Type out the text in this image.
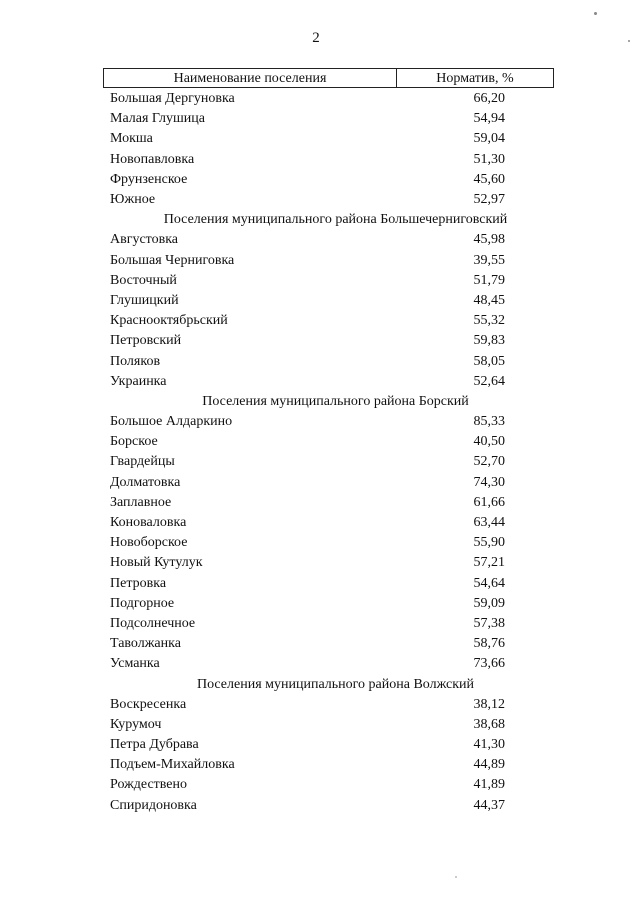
2
Наименование поселения	Норматив, %
Большая Дергуновка	66,20
Малая Глушица	54,94
Мокша	59,04
Новопавловка	51,30
Фрунзенское	45,60
Южное	52,97
Поселения муниципального района Большечерниговский
Августовка	45,98
Большая Черниговка	39,55
Восточный	51,79
Глушицкий	48,45
Краснооктябрьский	55,32
Петровский	59,83
Поляков	58,05
Украинка	52,64
Поселения муниципального района Борский
Большое Алдаркино	85,33
Борское	40,50
Гвардейцы	52,70
Долматовка	74,30
Заплавное	61,66
Коноваловка	63,44
Новоборское	55,90
Новый Кутулук	57,21
Петровка	54,64
Подгорное	59,09
Подсолнечное	57,38
Таволжанка	58,76
Усманка	73,66
Поселения муниципального района Волжский
Воскресенка	38,12
Курумоч	38,68
Петра Дубрава	41,30
Подъем-Михайловка	44,89
Рождествено	41,89
Спиридоновка	44,37
